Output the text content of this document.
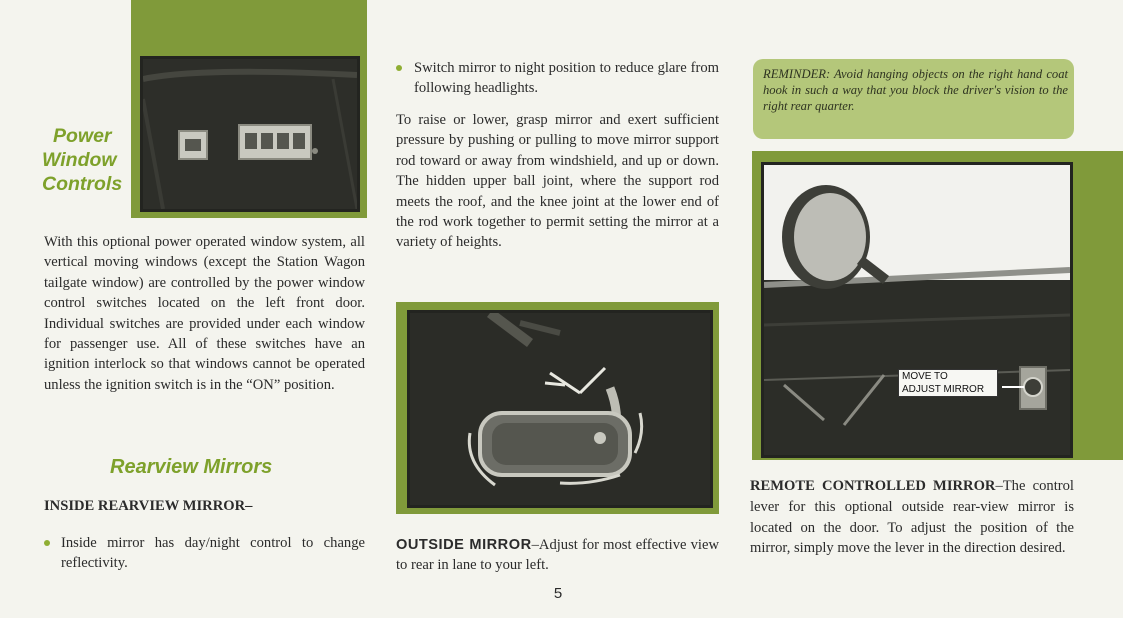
Power
Window
Controls
With this optional power operated window system, all vertical moving windows (except the Station Wagon tailgate window) are controlled by the power window control switches located on the left front door. Individual switches are provided under each window for passenger use. All of these switches have an ignition interlock so that windows cannot be operated unless the ignition switch is in the “ON” position.
Rearview Mirrors
INSIDE REARVIEW MIRROR–
Inside mirror has day/night control to change reflectivity.
Switch mirror to night position to reduce glare from following headlights.
To raise or lower, grasp mirror and exert sufficient pressure by pushing or pulling to move mirror support rod toward or away from windshield, and up or down. The hidden upper ball joint, where the support rod meets the roof, and the knee joint at the lower end of the rod work together to permit setting the mirror at a variety of heights.
OUTSIDE MIRROR–Adjust for most effective view to rear in lane to your left.
5
REMINDER: Avoid hanging objects on the right hand coat hook in such a way that you block the driver's vision to the right rear quarter.
MOVE TO
ADJUST MIRROR
REMOTE CONTROLLED MIRROR–The control lever for this optional outside rear-view mirror is located on the door. To adjust the position of the mirror, simply move the lever in the direction desired.
